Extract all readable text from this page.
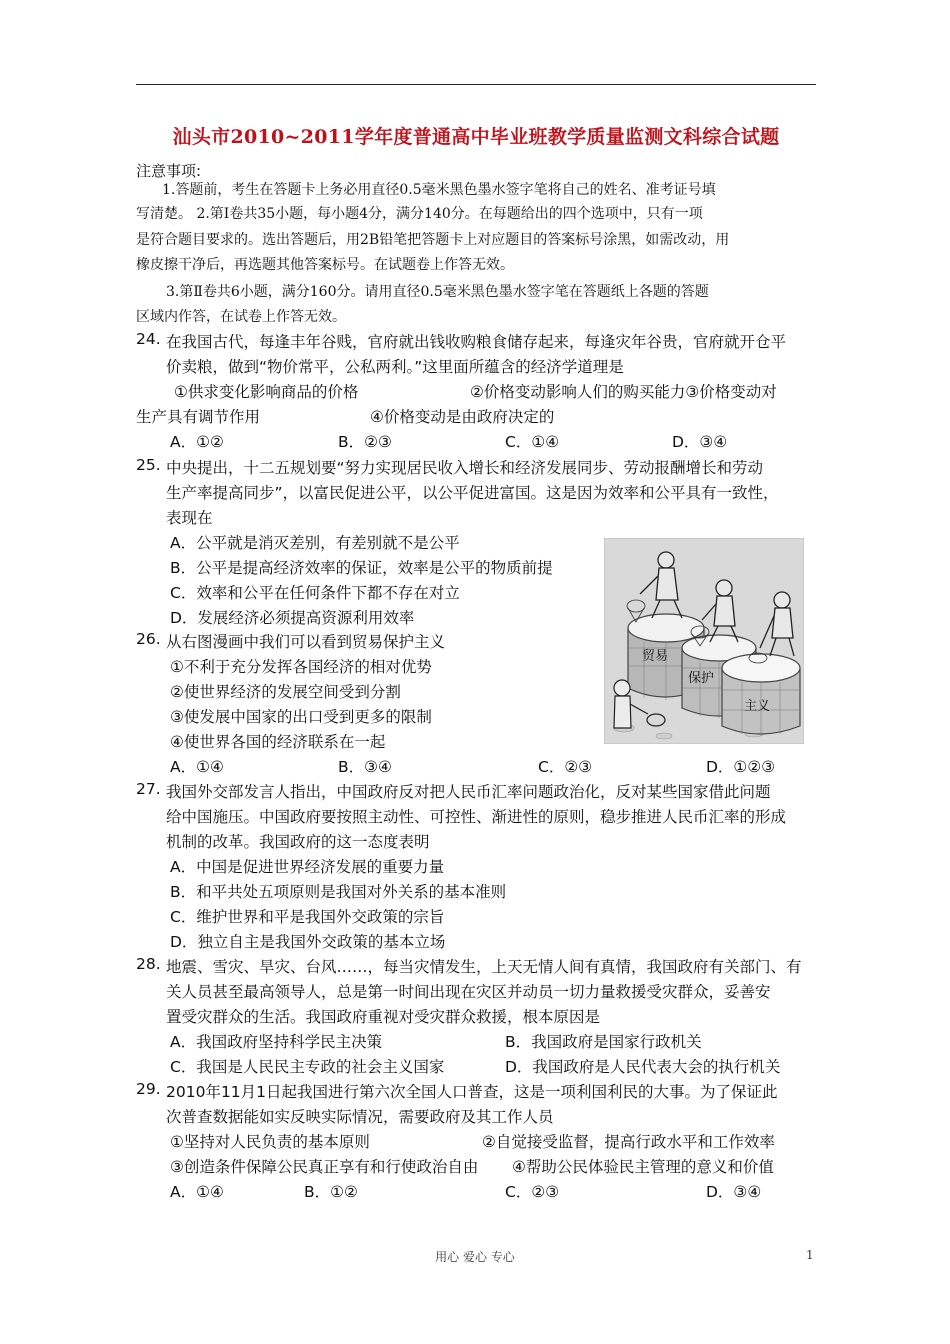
汕头市2010~2011学年度普通高中毕业班教学质量监测文科综合试题
注意事项:
1.答题前，考生在答题卡上务必用直径0.5毫米黑色墨水签字笔将自己的姓名、准考证号填
写清楚。 2.第Ⅰ卷共35小题，每小题4分，满分140分。在每题给出的四个选项中，只有一项
是符合题目要求的。选出答题后，用2B铅笔把答题卡上对应题目的答案标号涂黑，如需改动，用
橡皮擦干净后，再选题其他答案标号。在试题卷上作答无效。
3.第Ⅱ卷共6小题，满分160分。请用直径0.5毫米黑色墨水签字笔在答题纸上各题的答题
区域内作答，在试卷上作答无效。
24. 在我国古代，每逢丰年谷贱，官府就出钱收购粮食储存起来，每逢灾年谷贵，官府就开仓平
价卖粮，做到“物价常平，公私两利。”这里面所蕴含的经济学道理是
①供求变化影响商品的价格	②价格变动影响人们的购买能力③价格变动对
生产具有调节作用	④价格变动是由政府决定的
A．①②	B．②③	C．①④	D．③④
25. 中央提出，十二五规划要“努力实现居民收入增长和经济发展同步、劳动报酬增长和劳动
生产率提高同步”，以富民促进公平，以公平促进富国。这是因为效率和公平具有一致性，
表现在
A．公平就是消灭差别，有差别就不是公平
B．公平是提高经济效率的保证，效率是公平的物质前提
C．效率和公平在任何条件下都不存在对立
D．发展经济必须提高资源利用效率
26. 从右图漫画中我们可以看到贸易保护主义
①不利于充分发挥各国经济的相对优势
②使世界经济的发展空间受到分割
③使发展中国家的出口受到更多的限制
④使世界各国的经济联系在一起
A．①④	B．③④	C．②③	D．①②③
贸易
保护
主义
27. 我国外交部发言人指出，中国政府反对把人民币汇率问题政治化，反对某些国家借此问题
给中国施压。中国政府要按照主动性、可控性、渐进性的原则，稳步推进人民币汇率的形成
机制的改革。我国政府的这一态度表明
A．中国是促进世界经济发展的重要力量
B．和平共处五项原则是我国对外关系的基本准则
C．维护世界和平是我国外交政策的宗旨
D．独立自主是我国外交政策的基本立场
28. 地震、雪灾、旱灾、台风……，每当灾情发生，上天无情人间有真情，我国政府有关部门、有
关人员甚至最高领导人，总是第一时间出现在灾区并动员一切力量救援受灾群众，妥善安
置受灾群众的生活。我国政府重视对受灾群众救援，根本原因是
A．我国政府坚持科学民主决策	B．我国政府是国家行政机关
C．我国是人民民主专政的社会主义国家	D．我国政府是人民代表大会的执行机关
29. 2010年11月1日起我国进行第六次全国人口普查，这是一项利国利民的大事。为了保证此
次普查数据能如实反映实际情况，需要政府及其工作人员
①坚持对人民负责的基本原则	②自觉接受监督，提高行政水平和工作效率
③创造条件保障公民真正享有和行使政治自由 ④帮助公民体验民主管理的意义和价值
A．①④	B．①②	C．②③	D．③④
用心 爱心 专心	1
